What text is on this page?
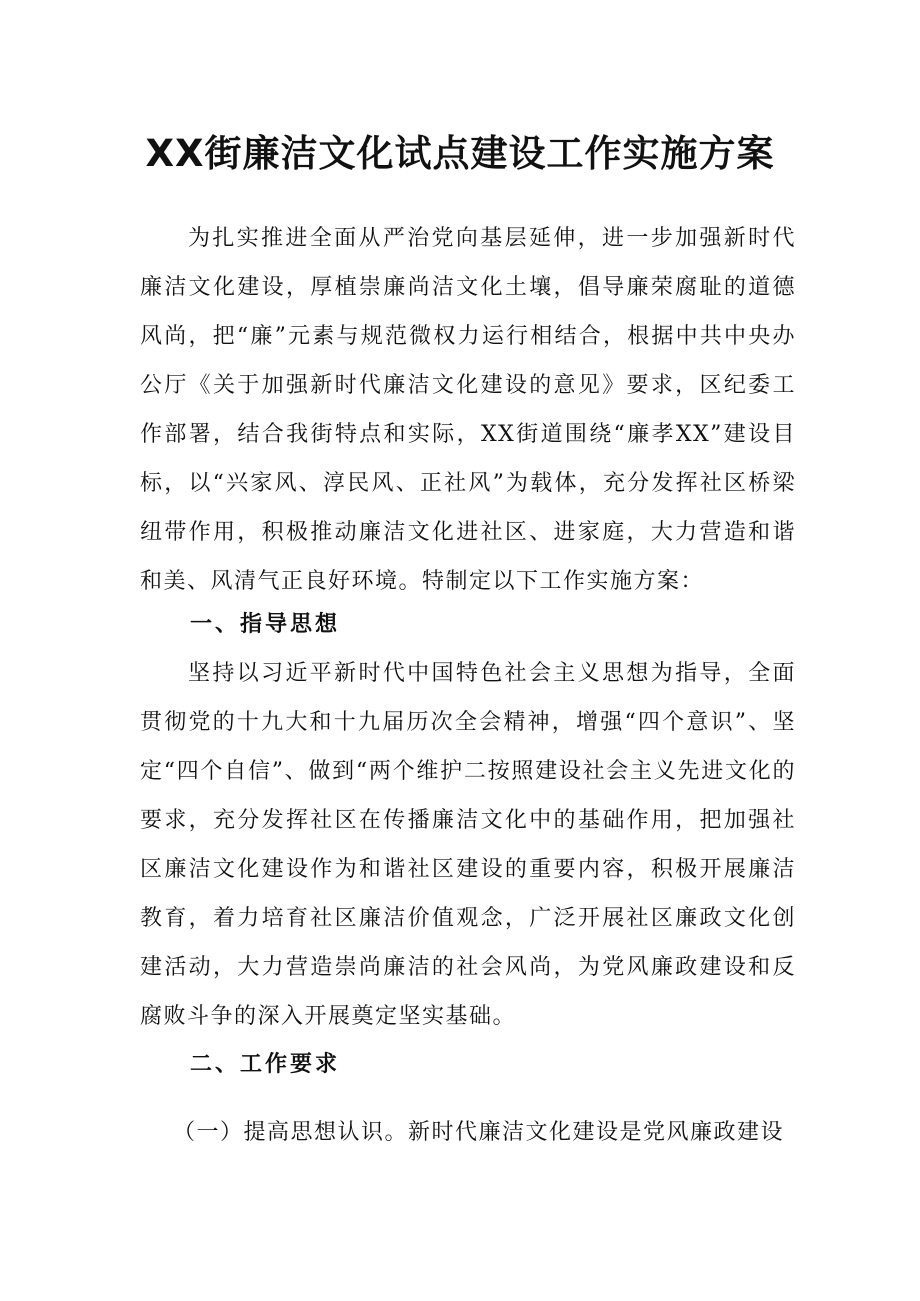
XX街廉洁文化试点建设工作实施方案

为扎实推进全面从严治党向基层延伸，进一步加强新时代廉洁文化建设，厚植崇廉尚洁文化土壤，倡导廉荣腐耻的道德风尚，把“廉”元素与规范微权力运行相结合，根据中共中央办公厅《关于加强新时代廉洁文化建设的意见》要求，区纪委工作部署，结合我街特点和实际，XX街道围绕“廉孝XX”建设目标，以“兴家风、淳民风、正社风”为载体，充分发挥社区桥梁纽带作用，积极推动廉洁文化进社区、进家庭，大力营造和谐和美、风清气正良好环境。特制定以下工作实施方案：

一、指导思想

坚持以习近平新时代中国特色社会主义思想为指导，全面贯彻党的十九大和十九届历次全会精神，增强“四个意识”、坚定“四个自信”、做到“两个维护二按照建设社会主义先进文化的要求，充分发挥社区在传播廉洁文化中的基础作用，把加强社区廉洁文化建设作为和谐社区建设的重要内容，积极开展廉洁教育，着力培育社区廉洁价值观念，广泛开展社区廉政文化创建活动，大力营造崇尚廉洁的社会风尚，为党风廉政建设和反腐败斗争的深入开展奠定坚实基础。

二、工作要求

（一）提高思想认识。新时代廉洁文化建设是党风廉政建设
